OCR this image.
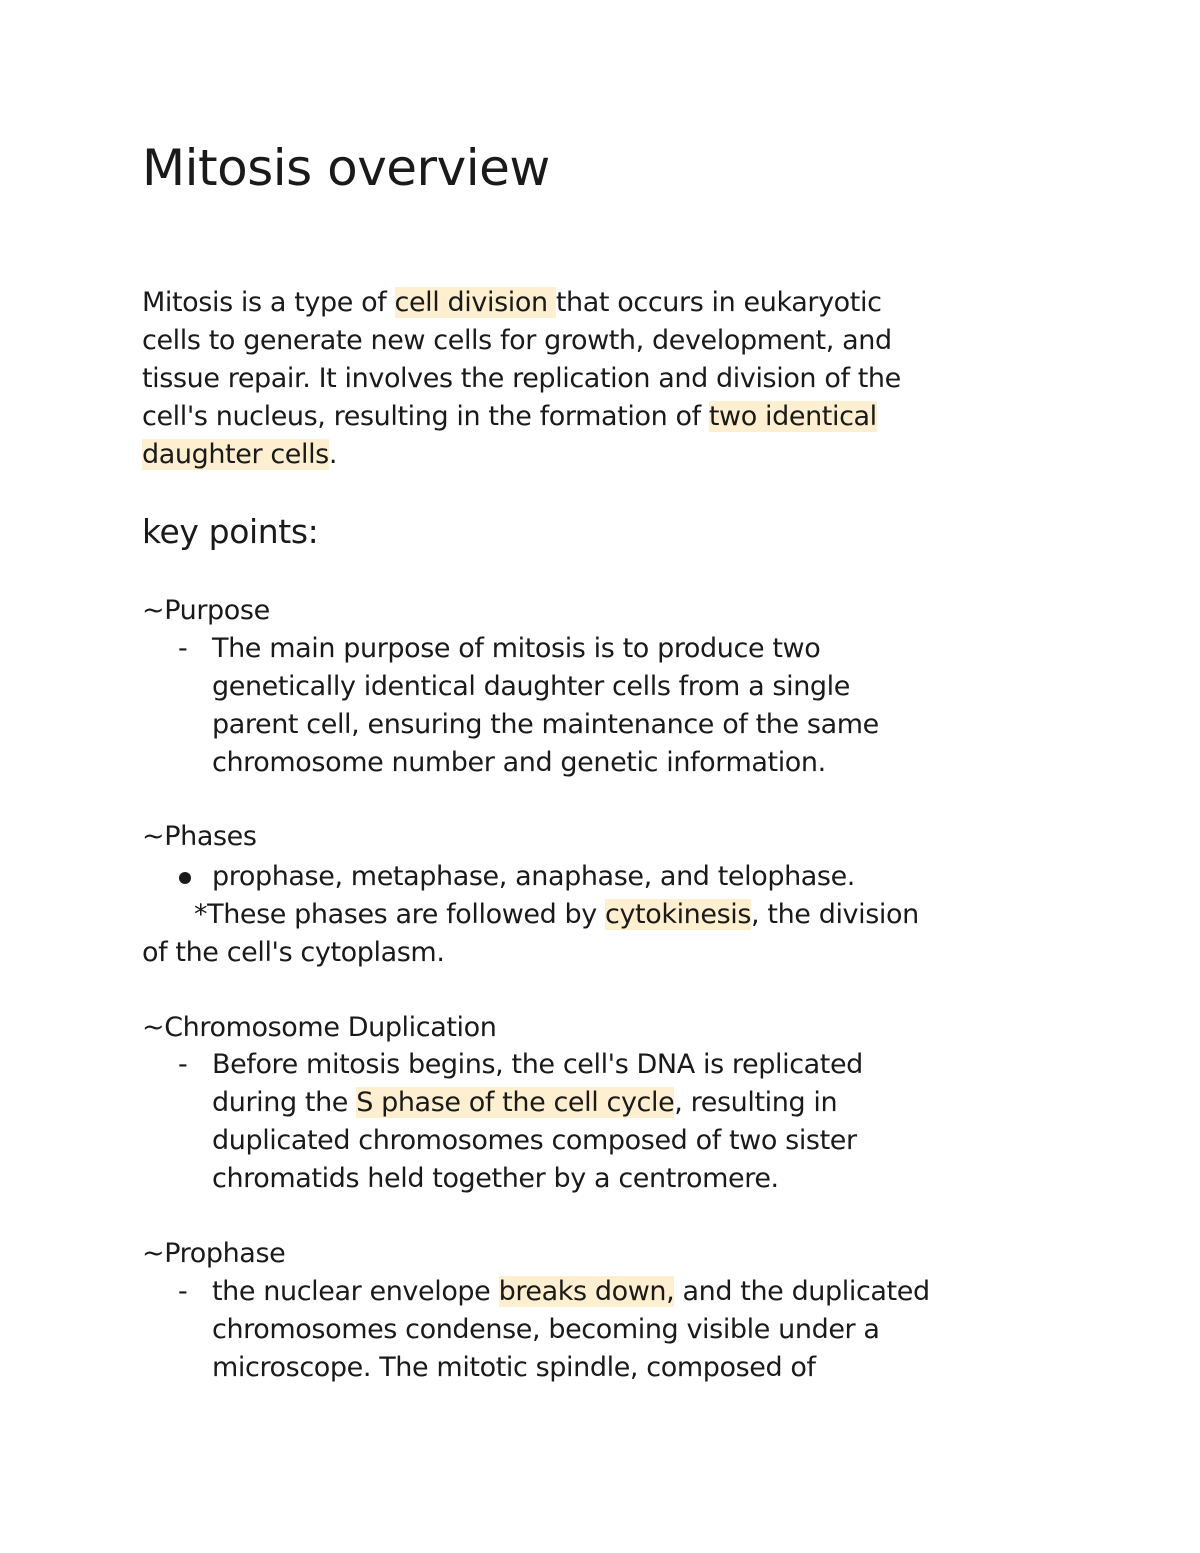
Mitosis overview
Mitosis is a type of cell division that occurs in eukaryotic
cells to generate new cells for growth, development, and
tissue repair. It involves the replication and division of the
cell's nucleus, resulting in the formation of two identical
daughter cells.
key points:
~Purpose
- The main purpose of mitosis is to produce two
genetically identical daughter cells from a single
parent cell, ensuring the maintenance of the same
chromosome number and genetic information.
~Phases
prophase, metaphase, anaphase, and telophase.
*These phases are followed by cytokinesis, the division
of the cell's cytoplasm.
~Chromosome Duplication
- Before mitosis begins, the cell's DNA is replicated
during the S phase of the cell cycle, resulting in
duplicated chromosomes composed of two sister
chromatids held together by a centromere.
~Prophase
- the nuclear envelope breaks down, and the duplicated
chromosomes condense, becoming visible under a
microscope. The mitotic spindle, composed of
